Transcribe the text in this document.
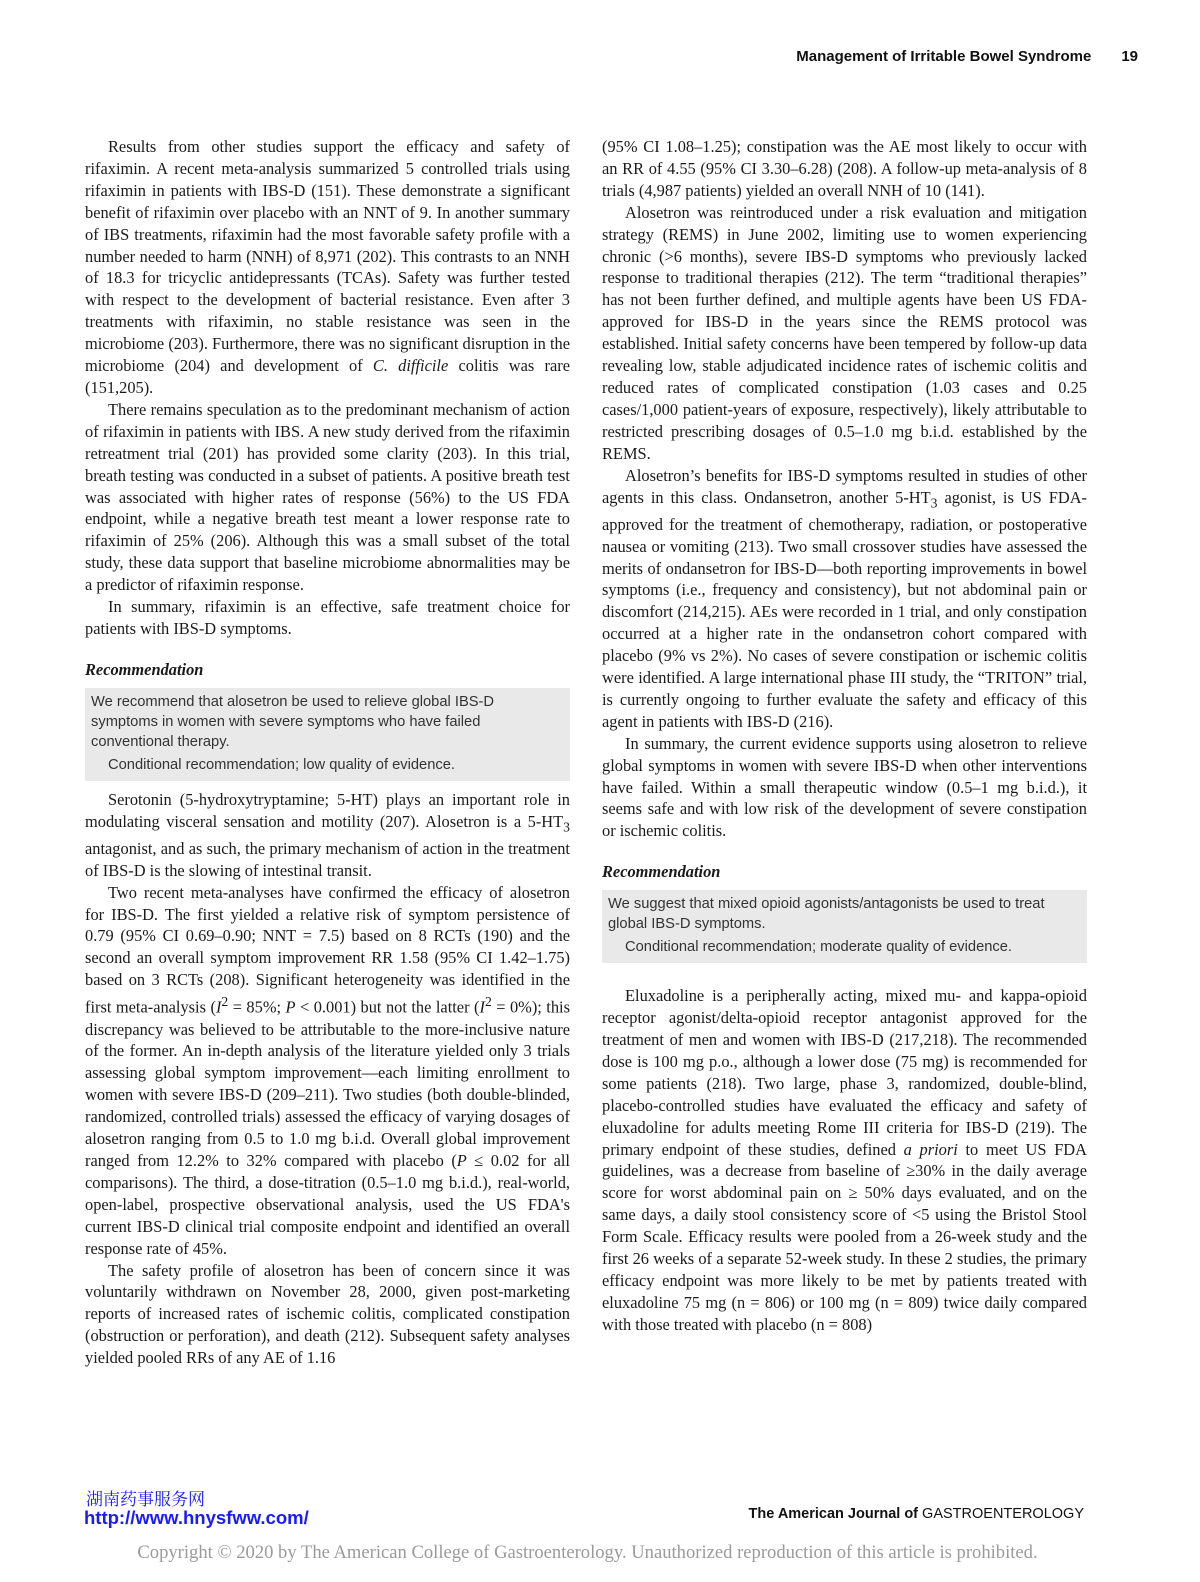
Management of Irritable Bowel Syndrome 19

Results from other studies support the efficacy and safety of rifaximin. A recent meta-analysis summarized 5 controlled trials using rifaximin in patients with IBS-D (151). These demonstrate a significant benefit of rifaximin over placebo with an NNT of 9. In another summary of IBS treatments, rifaximin had the most favorable safety profile with a number needed to harm (NNH) of 8,971 (202). This contrasts to an NNH of 18.3 for tricyclic antidepressants (TCAs). Safety was further tested with respect to the development of bacterial resistance. Even after 3 treatments with rifaximin, no stable resistance was seen in the microbiome (203). Furthermore, there was no significant disruption in the microbiome (204) and development of C. difficile colitis was rare (151,205).

There remains speculation as to the predominant mechanism of action of rifaximin in patients with IBS. A new study derived from the rifaximin retreatment trial (201) has provided some clarity (203). In this trial, breath testing was conducted in a subset of patients. A positive breath test was associated with higher rates of response (56%) to the US FDA endpoint, while a negative breath test meant a lower response rate to rifaximin of 25% (206). Although this was a small subset of the total study, these data support that baseline microbiome abnormalities may be a predictor of rifaximin response.

In summary, rifaximin is an effective, safe treatment choice for patients with IBS-D symptoms.

Recommendation
We recommend that alosetron be used to relieve global IBS-D symptoms in women with severe symptoms who have failed conventional therapy.
Conditional recommendation; low quality of evidence.

Serotonin (5-hydroxytryptamine; 5-HT) plays an important role in modulating visceral sensation and motility (207). Alosetron is a $5-HT_3$ antagonist, and as such, the primary mechanism of action in the treatment of IBS-D is the slowing of intestinal transit.

Two recent meta-analyses have confirmed the efficacy of alosetron for IBS-D. The first yielded a relative risk of symptom persistence of 0.79 (95% CI 0.69–0.90; NNT = 7.5) based on 8 RCTs (190) and the second an overall symptom improvement RR 1.58 (95% CI 1.42–1.75) based on 3 RCTs (208). Significant heterogeneity was identified in the first meta-analysis ($I^2 = 85\%$; P < 0.001) but not the latter $(I^2 = 0\%)$; this discrepancy was believed to be attributable to the more-inclusive nature of the former. An in-depth analysis of the literature yielded only 3 trials assessing global symptom improvement—each limiting enrollment to women with severe IBS-D (209–211). Two studies (both double-blinded, randomized, controlled trials) assessed the efficacy of varying dosages of alosetron ranging from 0.5 to 1.0 mg b.i.d. Overall global improvement ranged from 12.2% to 32% compared with placebo (P ≤ 0.02 for all comparisons). The third, a dose-titration (0.5–1.0 mg b.i.d.), real-world, open-label, prospective observational analysis, used the US FDA's current IBS-D clinical trial composite endpoint and identified an overall response rate of 45%.

The safety profile of alosetron has been of concern since it was voluntarily withdrawn on November 28, 2000, given post-marketing reports of increased rates of ischemic colitis, complicated constipation (obstruction or perforation), and death (212). Subsequent safety analyses yielded pooled RRs of any AE of 1.16

(95% CI 1.08–1.25); constipation was the AE most likely to occur with an RR of 4.55 (95% CI 3.30–6.28) (208). A follow-up meta-analysis of 8 trials (4,987 patients) yielded an overall NNH of 10 (141).

Alosetron was reintroduced under a risk evaluation and mitigation strategy (REMS) in June 2002, limiting use to women experiencing chronic (>6 months), severe IBS-D symptoms who previously lacked response to traditional therapies (212). The term “traditional therapies” has not been further defined, and multiple agents have been US FDA-approved for IBS-D in the years since the REMS protocol was established. Initial safety concerns have been tempered by follow-up data revealing low, stable adjudicated incidence rates of ischemic colitis and reduced rates of complicated constipation (1.03 cases and 0.25 cases/1,000 patient-years of exposure, respectively), likely attributable to restricted prescribing dosages of 0.5–1.0 mg b.i.d. established by the REMS.

Alosetron’s benefits for IBS-D symptoms resulted in studies of other agents in this class. Ondansetron, another $5-HT_3$ agonist, is US FDA-approved for the treatment of chemotherapy, radiation, or postoperative nausea or vomiting (213). Two small crossover studies have assessed the merits of ondansetron for IBS-D—both reporting improvements in bowel symptoms (i.e., frequency and consistency), but not abdominal pain or discomfort (214,215). AEs were recorded in 1 trial, and only constipation occurred at a higher rate in the ondansetron cohort compared with placebo (9% vs 2%). No cases of severe constipation or ischemic colitis were identified. A large international phase III study, the “TRITON” trial, is currently ongoing to further evaluate the safety and efficacy of this agent in patients with IBS-D (216).

In summary, the current evidence supports using alosetron to relieve global symptoms in women with severe IBS-D when other interventions have failed. Within a small therapeutic window (0.5–1 mg b.i.d.), it seems safe and with low risk of the development of severe constipation or ischemic colitis.

Recommendation
We suggest that mixed opioid agonists/antagonists be used to treat global IBS-D symptoms.
Conditional recommendation; moderate quality of evidence.

Eluxadoline is a peripherally acting, mixed mu- and kappa-opioid receptor agonist/delta-opioid receptor antagonist approved for the treatment of men and women with IBS-D (217,218). The recommended dose is 100 mg p.o., although a lower dose (75 mg) is recommended for some patients (218). Two large, phase 3, randomized, double-blind, placebo-controlled studies have evaluated the efficacy and safety of eluxadoline for adults meeting Rome III criteria for IBS-D (219). The primary endpoint of these studies, defined a priori to meet US FDA guidelines, was a decrease from baseline of ≥30% in the daily average score for worst abdominal pain on ≥ 50% days evaluated, and on the same days, a daily stool consistency score of <5 using the Bristol Stool Form Scale. Efficacy results were pooled from a 26-week study and the first 26 weeks of a separate 52-week study. In these 2 studies, the primary efficacy endpoint was more likely to be met by patients treated with eluxadoline 75 mg (n = 806) or 100 mg (n = 809) twice daily compared with those treated with placebo (n = 808)

湖南药事服务网
http://www.hnysfww.com/	The American Journal of GASTROENTEROLOGY
Copyright © 2020 by The American College of Gastroenterology. Unauthorized reproduction of this article is prohibited.
